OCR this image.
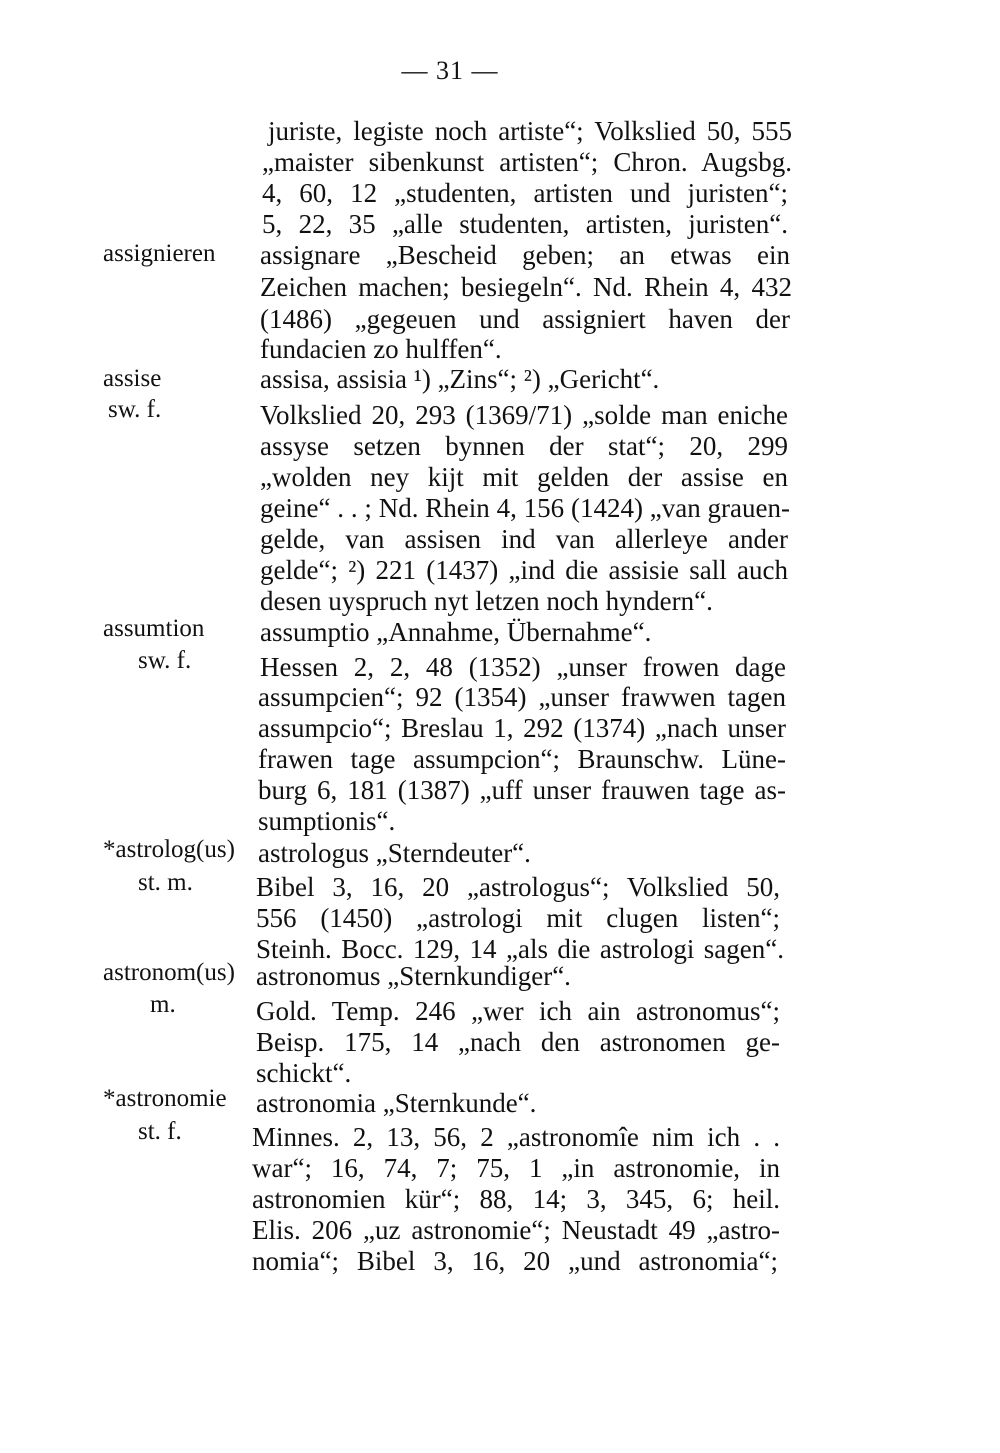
— 31 —
assignieren
assise
sw. f.
assumtion
sw. f.
*astrolog(us)
st. m.
astronom(us)
m.
*astronomie
st. f.
juriste, legiste noch artiste“; Volkslied 50, 555
„maister sibenkunst artisten“; Chron. Augsbg.
4, 60, 12 „studenten, artisten und juristen“;
5, 22, 35 „alle studenten, artisten, juristen“.
assignare „Bescheid geben; an etwas ein
Zeichen machen; besiegeln“. Nd. Rhein 4, 432
(1486) „gegeuen und assigniert haven der
fundacien zo hulffen“.
assisa, assisia ¹) „Zins“; ²) „Gericht“.
Volkslied 20, 293 (1369/71) „solde man eniche
assyse setzen bynnen der stat“; 20, 299
„wolden ney kijt mit gelden der assise en
geine“ . . ; Nd. Rhein 4, 156 (1424) „van grauen-
gelde, van assisen ind van allerleye ander
gelde“; ²) 221 (1437) „ind die assisie sall auch
desen uyspruch nyt letzen noch hyndern“.
assumptio „Annahme, Übernahme“.
Hessen 2, 2, 48 (1352) „unser frowen dage
assumpcien“; 92 (1354) „unser frawwen tagen
assumpcio“; Breslau 1, 292 (1374) „nach unser
frawen tage assumpcion“; Braunschw. Lüne-
burg 6, 181 (1387) „uff unser frauwen tage as-
sumptionis“.
astrologus „Sterndeuter“.
Bibel 3, 16, 20 „astrologus“; Volkslied 50,
556 (1450) „astrologi mit clugen listen“;
Steinh. Bocc. 129, 14 „als die astrologi sagen“.
astronomus „Sternkundiger“.
Gold. Temp. 246 „wer ich ain astronomus“;
Beisp. 175, 14 „nach den astronomen ge-
schickt“.
astronomia „Sternkunde“.
Minnes. 2, 13, 56, 2 „astronomîe nim ich . .
war“; 16, 74, 7; 75, 1 „in astronomie, in
astronomien kür“; 88, 14; 3, 345, 6; heil.
Elis. 206 „uz astronomie“; Neustadt 49 „astro-
nomia“; Bibel 3, 16, 20 „und astronomia“;
